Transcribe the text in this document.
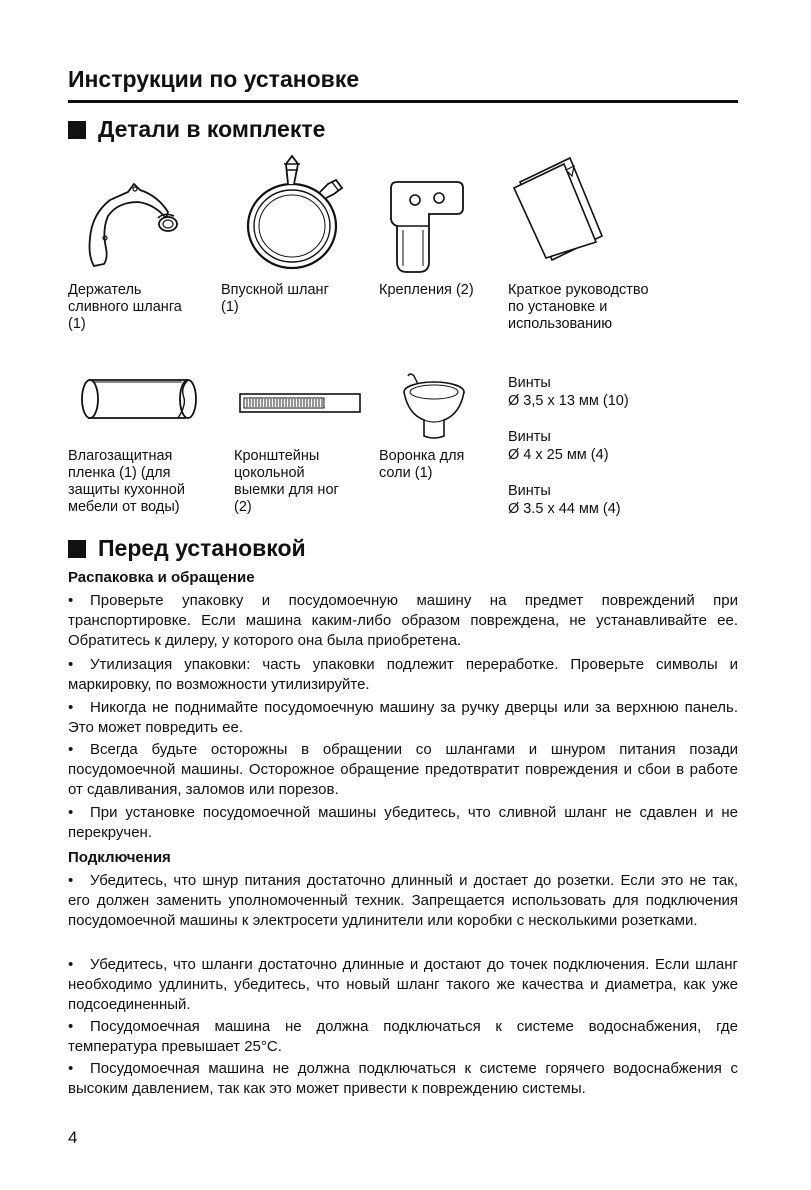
Инструкции по установке
Детали в комплекте
Держатель
сливного шланга
(1)
Впускной шланг
(1)
Крепления (2) Краткое руководство
по установке и
использованию
Влагозащитная
пленка (1) (для
защиты кухонной
мебели от воды)
Кронштейны
цокольной
выемки для ног
(2)
Воронка для
соли (1)
Винты
Ø 3,5 х 13 мм (10)
Винты
Ø 4 х 25 мм (4)
Винты
Ø 3.5 х 44 мм (4)
Перед установкой
Распаковка и обращение
• Проверьте упаковку и посудомоечную машину на предмет повреждений при транспортировке. Если машина каким-либо образом повреждена, не устанавливайте ее. Обратитесь к дилеру, у которого она была приобретена.
• Утилизация упаковки: часть упаковки подлежит переработке. Проверьте символы и маркировку, по возможности утилизируйте.
• Никогда не поднимайте посудомоечную машину за ручку дверцы или за верхнюю панель. Это может повредить ее.
• Всегда будьте осторожны в обращении со шлангами и шнуром питания позади посудомоечной машины. Осторожное обращение предотвратит повреждения и сбои в работе от сдавливания, заломов или порезов.
• При установке посудомоечной машины убедитесь, что сливной шланг не сдавлен и не перекручен.
Подключения
• Убедитесь, что шнур питания достаточно длинный и достает до розетки. Если это не так, его должен заменить уполномоченный техник. Запрещается использовать для подключения посудомоечной машины к электросети удлинители или коробки с несколькими розетками.
• Убедитесь, что шланги достаточно длинные и достают до точек подключения. Если шланг необходимо удлинить, убедитесь, что новый шланг такого же качества и диаметра, как уже подсоединенный.
• Посудомоечная машина не должна подключаться к системе водоснабжения, где температура превышает 25°C.
• Посудомоечная машина не должна подключаться к системе горячего водоснабжения с высоким давлением, так как это может привести к повреждению системы.
4
